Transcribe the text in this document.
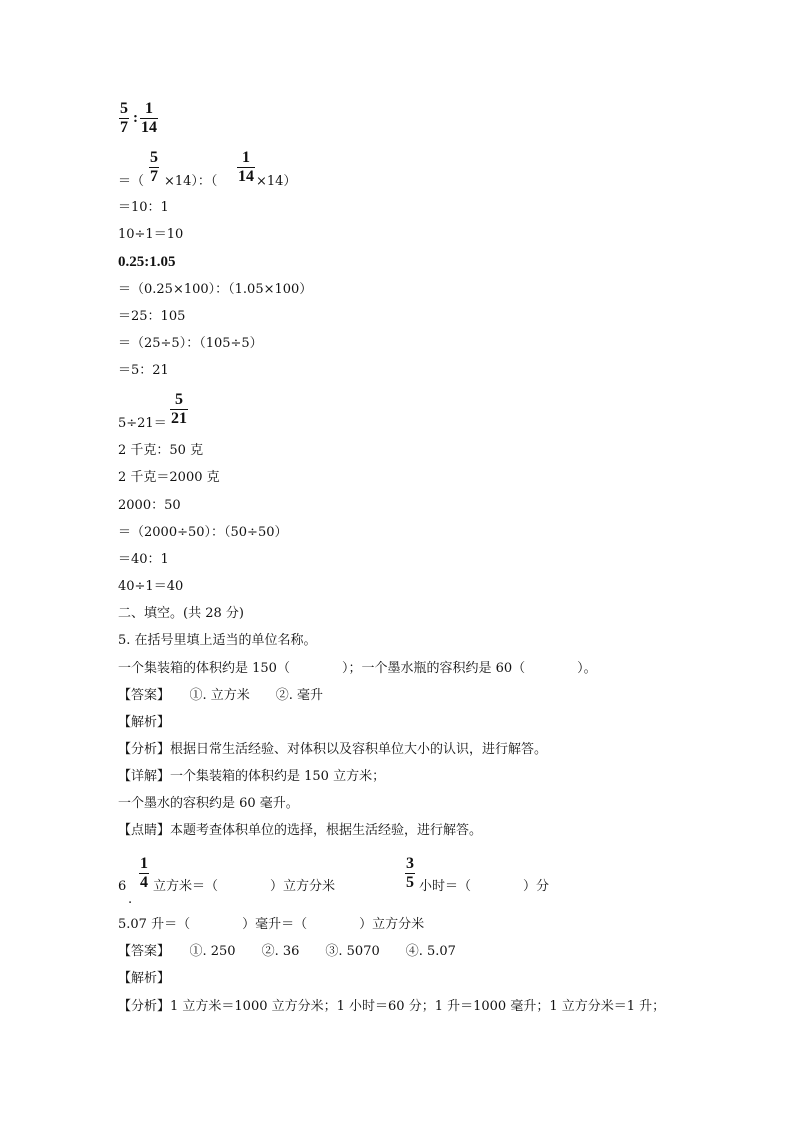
5
7
:
1
14
＝（
5
7 ×14）：（
1
14 ×14）
＝10：1
10÷1＝10
0.25:1.05
＝（0.25×100）：（1.05×100）
＝25：105
＝（25÷5）：（105÷5）
＝5：21
5÷21＝
5
21
2 千克：50 克
2 千克＝2000 克
2000：50
＝（2000÷50）：（50÷50）
＝40：1
40÷1＝40
二、填空。(共 28 分)
5. 在括号里填上适当的单位名称。
一个集装箱的体积约是 150（　　　　）；一个墨水瓶的容积约是 60（　　　　）。
【答案】　　①. 立方米　　②. 毫升
【解析】
【分析】根据日常生活经验、对体积以及容积单位大小的认识，进行解答。
【详解】一个集装箱的体积约是 150 立方米；
一个墨水的容积约是 60 毫升。
【点睛】本题考查体积单位的选择，根据生活经验，进行解答。
6
.
1
4 立方米＝（　　　　）立方分米
3
5 小时＝（　　　　）分
5.07 升＝（　　　　）毫升＝（　　　　）立方分米
【答案】　　①. 250　　②. 36　　③. 5070　　④. 5.07
【解析】
【分析】1 立方米＝1000 立方分米；1 小时＝60 分；1 升＝1000 毫升；1 立方分米＝1 升；
